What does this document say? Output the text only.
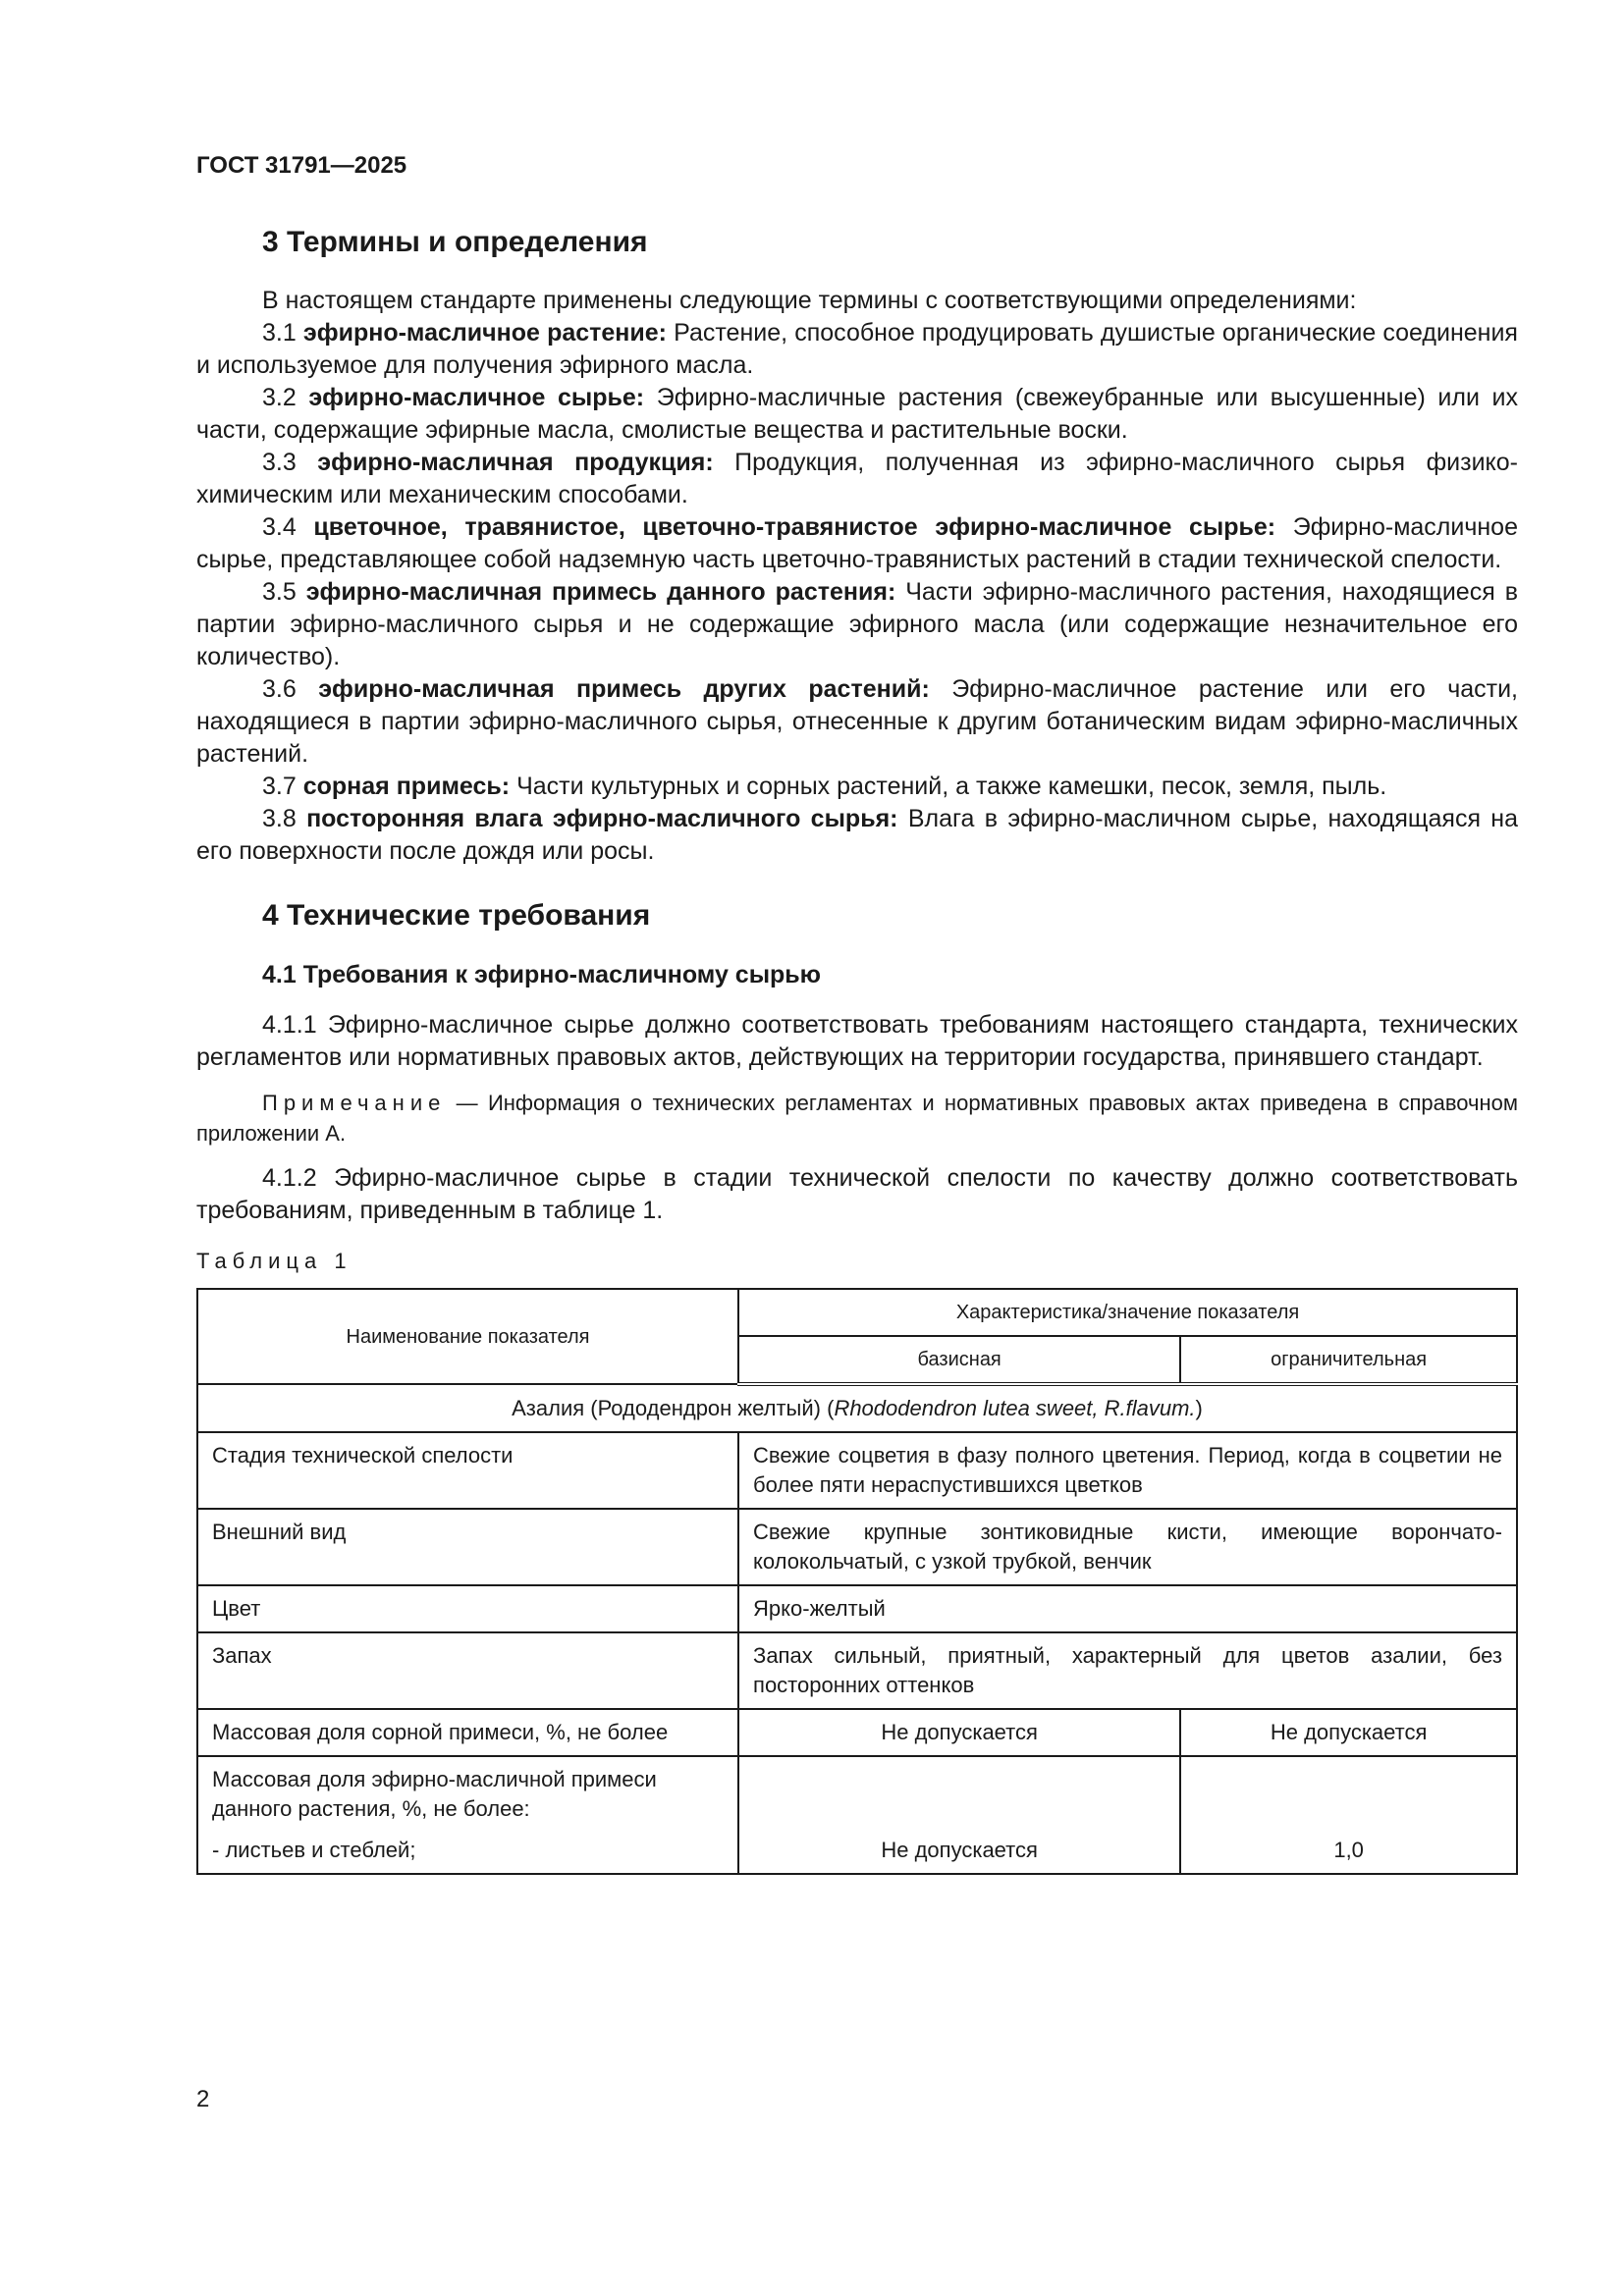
ГОСТ 31791—2025
3 Термины и определения

В настоящем стандарте применены следующие термины с соответствующими определениями:

3.1 эфирно-масличное растение: Растение, способное продуцировать душистые органические соединения и используемое для получения эфирного масла.

3.2 эфирно-масличное сырье: Эфирно-масличные растения (свежеубранные или высушенные) или их части, содержащие эфирные масла, смолистые вещества и растительные воски.

3.3 эфирно-масличная продукция: Продукция, полученная из эфирно-масличного сырья физико-химическим или механическим способами.

3.4 цветочное, травянистое, цветочно-травянистое эфирно-масличное сырье: Эфирно-масличное сырье, представляющее собой надземную часть цветочно-травянистых растений в стадии технической спелости.

3.5 эфирно-масличная примесь данного растения: Части эфирно-масличного растения, находящиеся в партии эфирно-масличного сырья и не содержащие эфирного масла (или содержащие незначительное его количество).

3.6 эфирно-масличная примесь других растений: Эфирно-масличное растение или его части, находящиеся в партии эфирно-масличного сырья, отнесенные к другим ботаническим видам эфирно-масличных растений.

3.7 сорная примесь: Части культурных и сорных растений, а также камешки, песок, земля, пыль.

3.8 посторонняя влага эфирно-масличного сырья: Влага в эфирно-масличном сырье, находящаяся на его поверхности после дождя или росы.

4 Технические требования
4.1 Требования к эфирно-масличному сырью

4.1.1 Эфирно-масличное сырье должно соответствовать требованиям настоящего стандарта, технических регламентов или нормативных правовых актов, действующих на территории государства, принявшего стандарт.

Примечание — Информация о технических регламентах и нормативных правовых актах приведена в справочном приложении А.

4.1.2 Эфирно-масличное сырье в стадии технической спелости по качеству должно соответствовать требованиям, приведенным в таблице 1.

Таблица 1
Наименование показателя	Характеристика/значение показателя	
	базисная	ограничительная
Азалия (Рододендрон желтый) (Rhododendron lutea sweet, R.flavum.)		
Стадия технической спелости	Свежие соцветия в фазу полного цветения. Период, когда в соцветии не более пяти нераспустившихся цветков	
Внешний вид	Свежие крупные зонтиковидные кисти, имеющие ворончато-колокольчатый, с узкой трубкой, венчик	
Цвет	Ярко-желтый	
Запах	Запах сильный, приятный, характерный для цветов азалии, без посторонних оттенков	
Массовая доля сорной примеси, %, не более	Не допускается	Не допускается

Массовая доля эфирно-масличной примеси данного растения, %, не более:
- листьев и стеблей;	Не допускается	1,0
2
